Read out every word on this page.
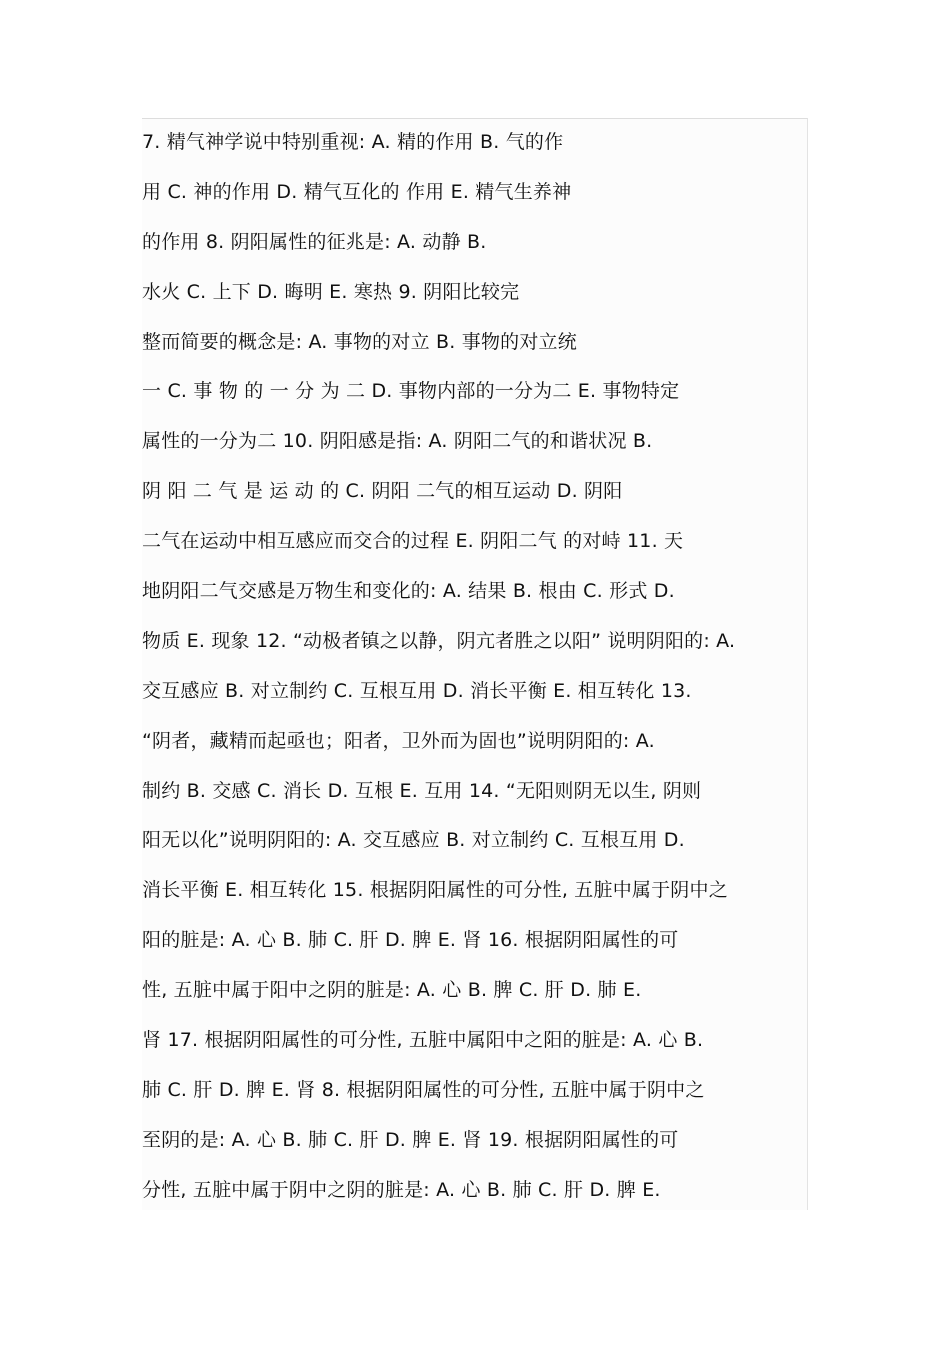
7. 精气神学说中特别重视: A. 精的作用 B. 气的作
用 C. 神的作用 D. 精气互化的 作用 E. 精气生养神
的作用 8. 阴阳属性的征兆是: A. 动静 B.
水火 C. 上下 D. 晦明 E. 寒热 9. 阴阳比较完
整而简要的概念是: A. 事物的对立 B. 事物的对立统
一 C. 事 物 的 一 分 为 二 D. 事物内部的一分为二 E. 事物特定
属性的一分为二 10. 阴阳感是指: A. 阴阳二气的和谐状况 B.
阴 阳 二 气 是 运 动 的 C. 阴阳 二气的相互运动 D. 阴阳
二气在运动中相互感应而交合的过程 E. 阴阳二气 的对峙 11. 天
地阴阳二气交感是万物生和变化的: A. 结果 B. 根由 C. 形式 D.
物质 E. 现象 12. “动极者镇之以静，阴亢者胜之以阳” 说明阴阳的: A.
交互感应 B. 对立制约 C. 互根互用 D. 消长平衡 E. 相互转化 13.
“阴者，藏精而起亟也；阳者，卫外而为固也”说明阴阳的: A.
制约 B. 交感 C. 消长 D. 互根 E. 互用 14. “无阳则阴无以生, 阴则
阳无以化”说明阴阳的: A. 交互感应 B. 对立制约 C. 互根互用 D.
消长平衡 E. 相互转化 15. 根据阴阳属性的可分性, 五脏中属于阴中之
阳的脏是: A. 心 B. 肺 C. 肝 D. 脾 E. 肾 16. 根据阴阳属性的可
性, 五脏中属于阳中之阴的脏是: A. 心 B. 脾 C. 肝 D. 肺 E.
肾 17. 根据阴阳属性的可分性, 五脏中属阳中之阳的脏是: A. 心 B.
肺 C. 肝 D. 脾 E. 肾 8. 根据阴阳属性的可分性, 五脏中属于阴中之
至阴的是: A. 心 B. 肺 C. 肝 D. 脾 E. 肾 19. 根据阴阳属性的可
分性, 五脏中属于阴中之阴的脏是: A. 心 B. 肺 C. 肝 D. 脾 E.
